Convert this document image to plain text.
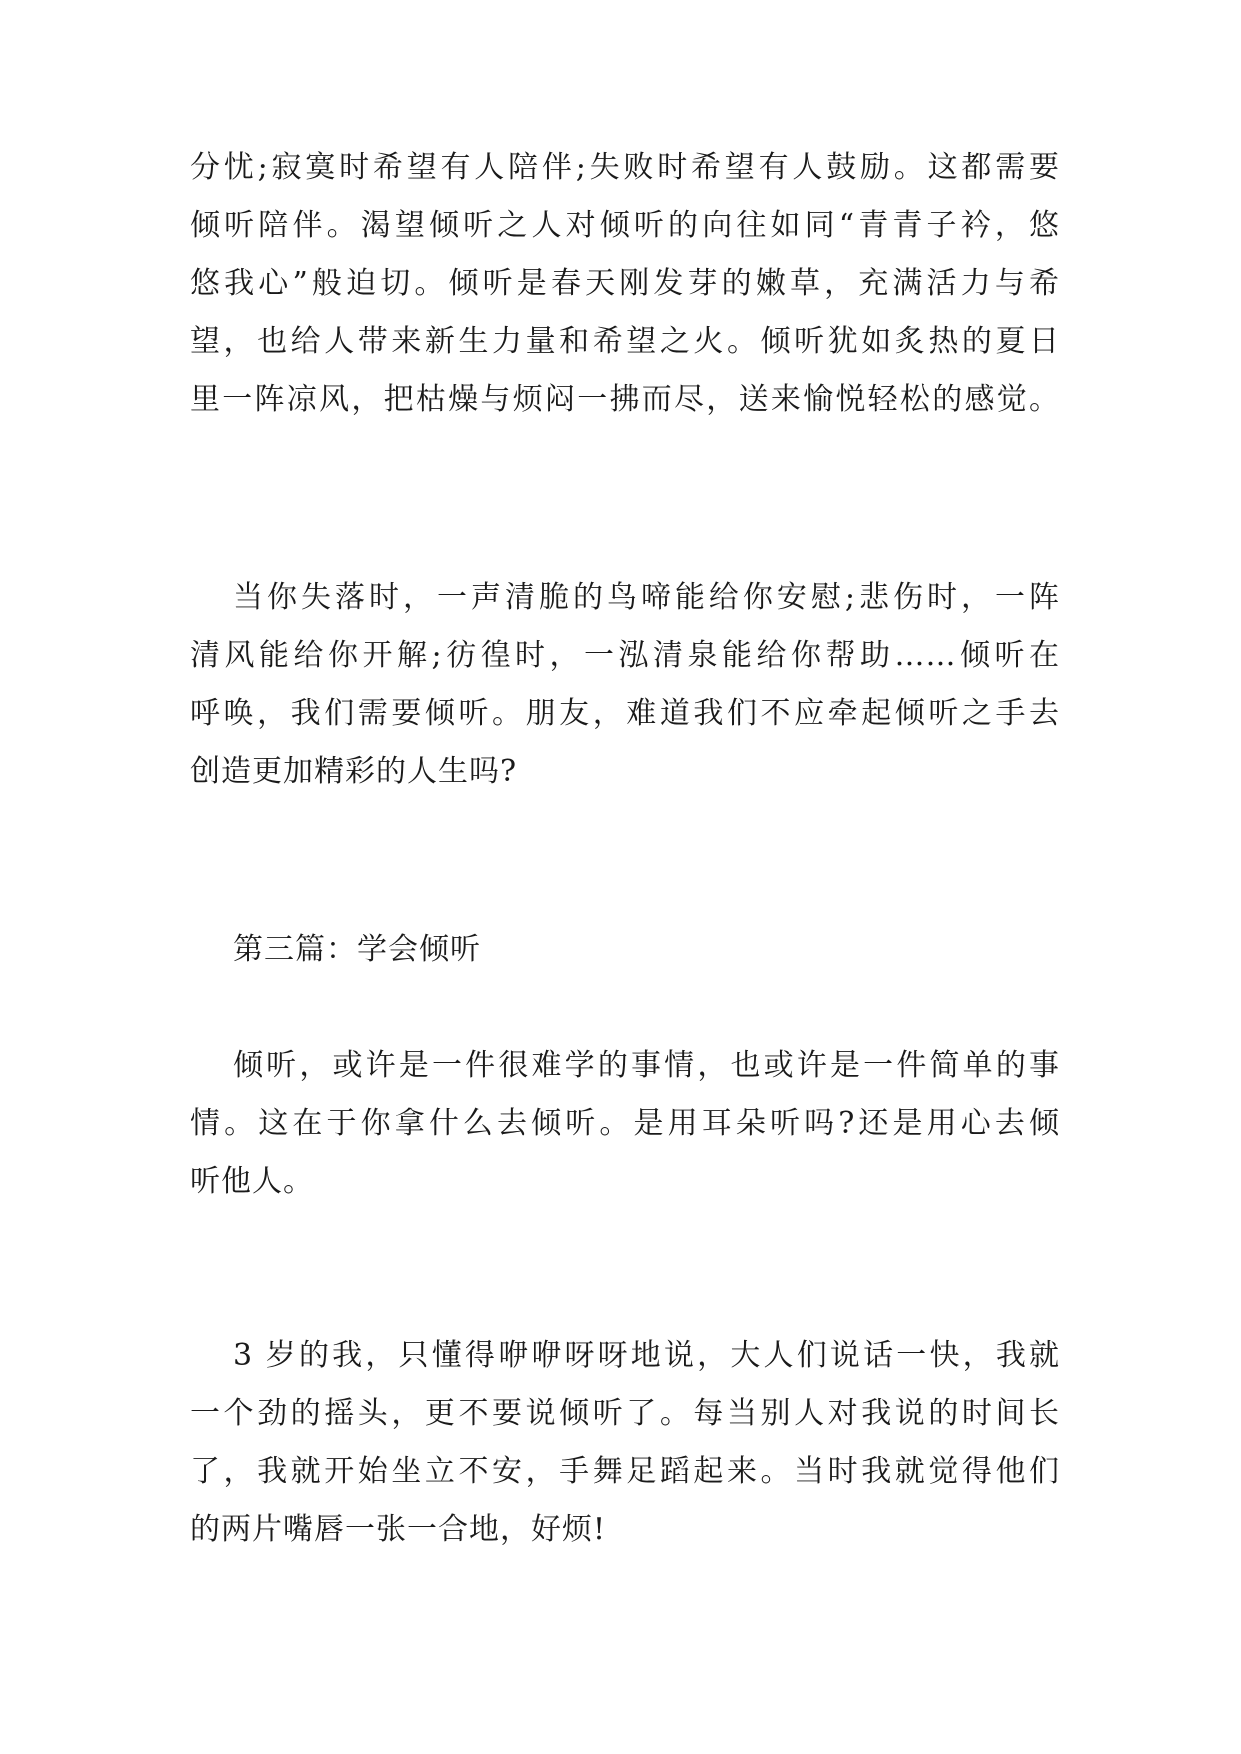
分忧;寂寞时希望有人陪伴;失败时希望有人鼓励。这都需要

倾听陪伴。渴望倾听之人对倾听的向往如同“青青子衿，悠

悠我心”般迫切。倾听是春天刚发芽的嫩草，充满活力与希

望，也给人带来新生力量和希望之火。倾听犹如炙热的夏日

里一阵凉风，把枯燥与烦闷一拂而尽，送来愉悦轻松的感觉。

当你失落时，一声清脆的鸟啼能给你安慰;悲伤时，一阵

清风能给你开解;彷徨时，一泓清泉能给你帮助……倾听在

呼唤，我们需要倾听。朋友，难道我们不应牵起倾听之手去

创造更加精彩的人生吗?

第三篇：学会倾听

倾听，或许是一件很难学的事情，也或许是一件简单的事

情。这在于你拿什么去倾听。是用耳朵听吗?还是用心去倾

听他人。

3 岁的我，只懂得咿咿呀呀地说，大人们说话一快，我就

一个劲的摇头，更不要说倾听了。每当别人对我说的时间长

了，我就开始坐立不安，手舞足蹈起来。当时我就觉得他们

的两片嘴唇一张一合地，好烦!
